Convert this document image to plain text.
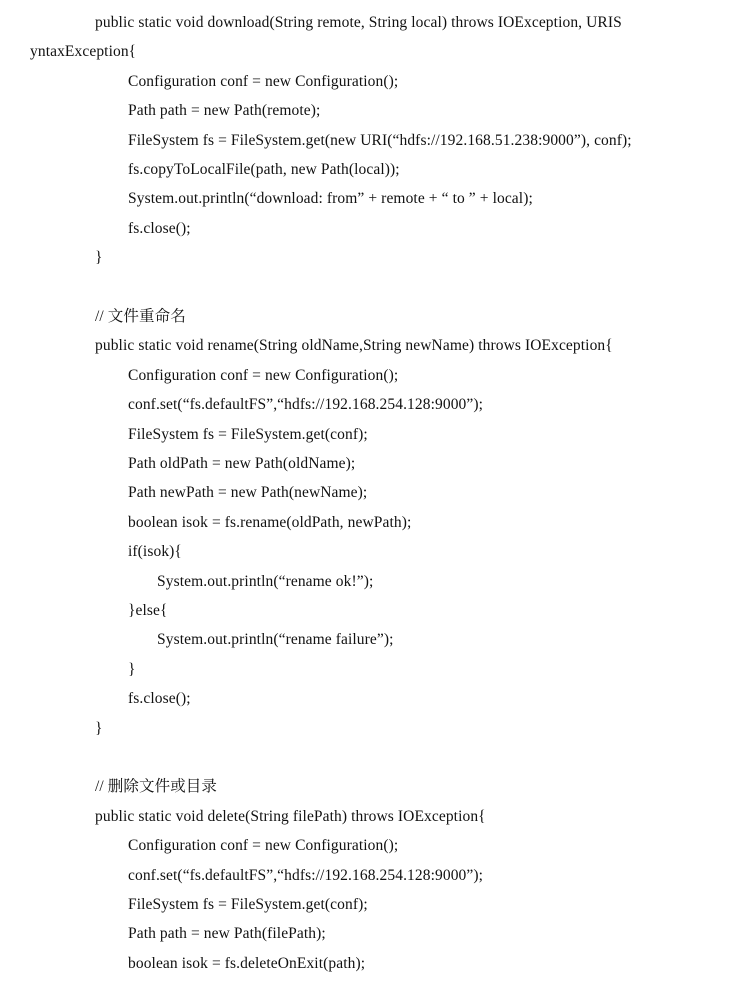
public static void download(String remote, String local) throws IOException, URIS
yntaxException{
Configuration conf = new Configuration();
Path path = new Path(remote);
FileSystem fs = FileSystem.get(new URI(“hdfs://192.168.51.238:9000”), conf);
fs.copyToLocalFile(path, new Path(local));
System.out.println(“download: from” + remote + “ to ” + local);
fs.close();
}
// 文件重命名
public static void rename(String oldName,String newName) throws IOException{
Configuration conf = new Configuration();
conf.set(“fs.defaultFS”,“hdfs://192.168.254.128:9000”);
FileSystem fs = FileSystem.get(conf);
Path oldPath = new Path(oldName);
Path newPath = new Path(newName);
boolean isok = fs.rename(oldPath, newPath);
if(isok){
System.out.println(“rename ok!”);
}else{
System.out.println(“rename failure”);
}
fs.close();
}
// 删除文件或目录
public static void delete(String filePath) throws IOException{
Configuration conf = new Configuration();
conf.set(“fs.defaultFS”,“hdfs://192.168.254.128:9000”);
FileSystem fs = FileSystem.get(conf);
Path path = new Path(filePath);
boolean isok = fs.deleteOnExit(path);
